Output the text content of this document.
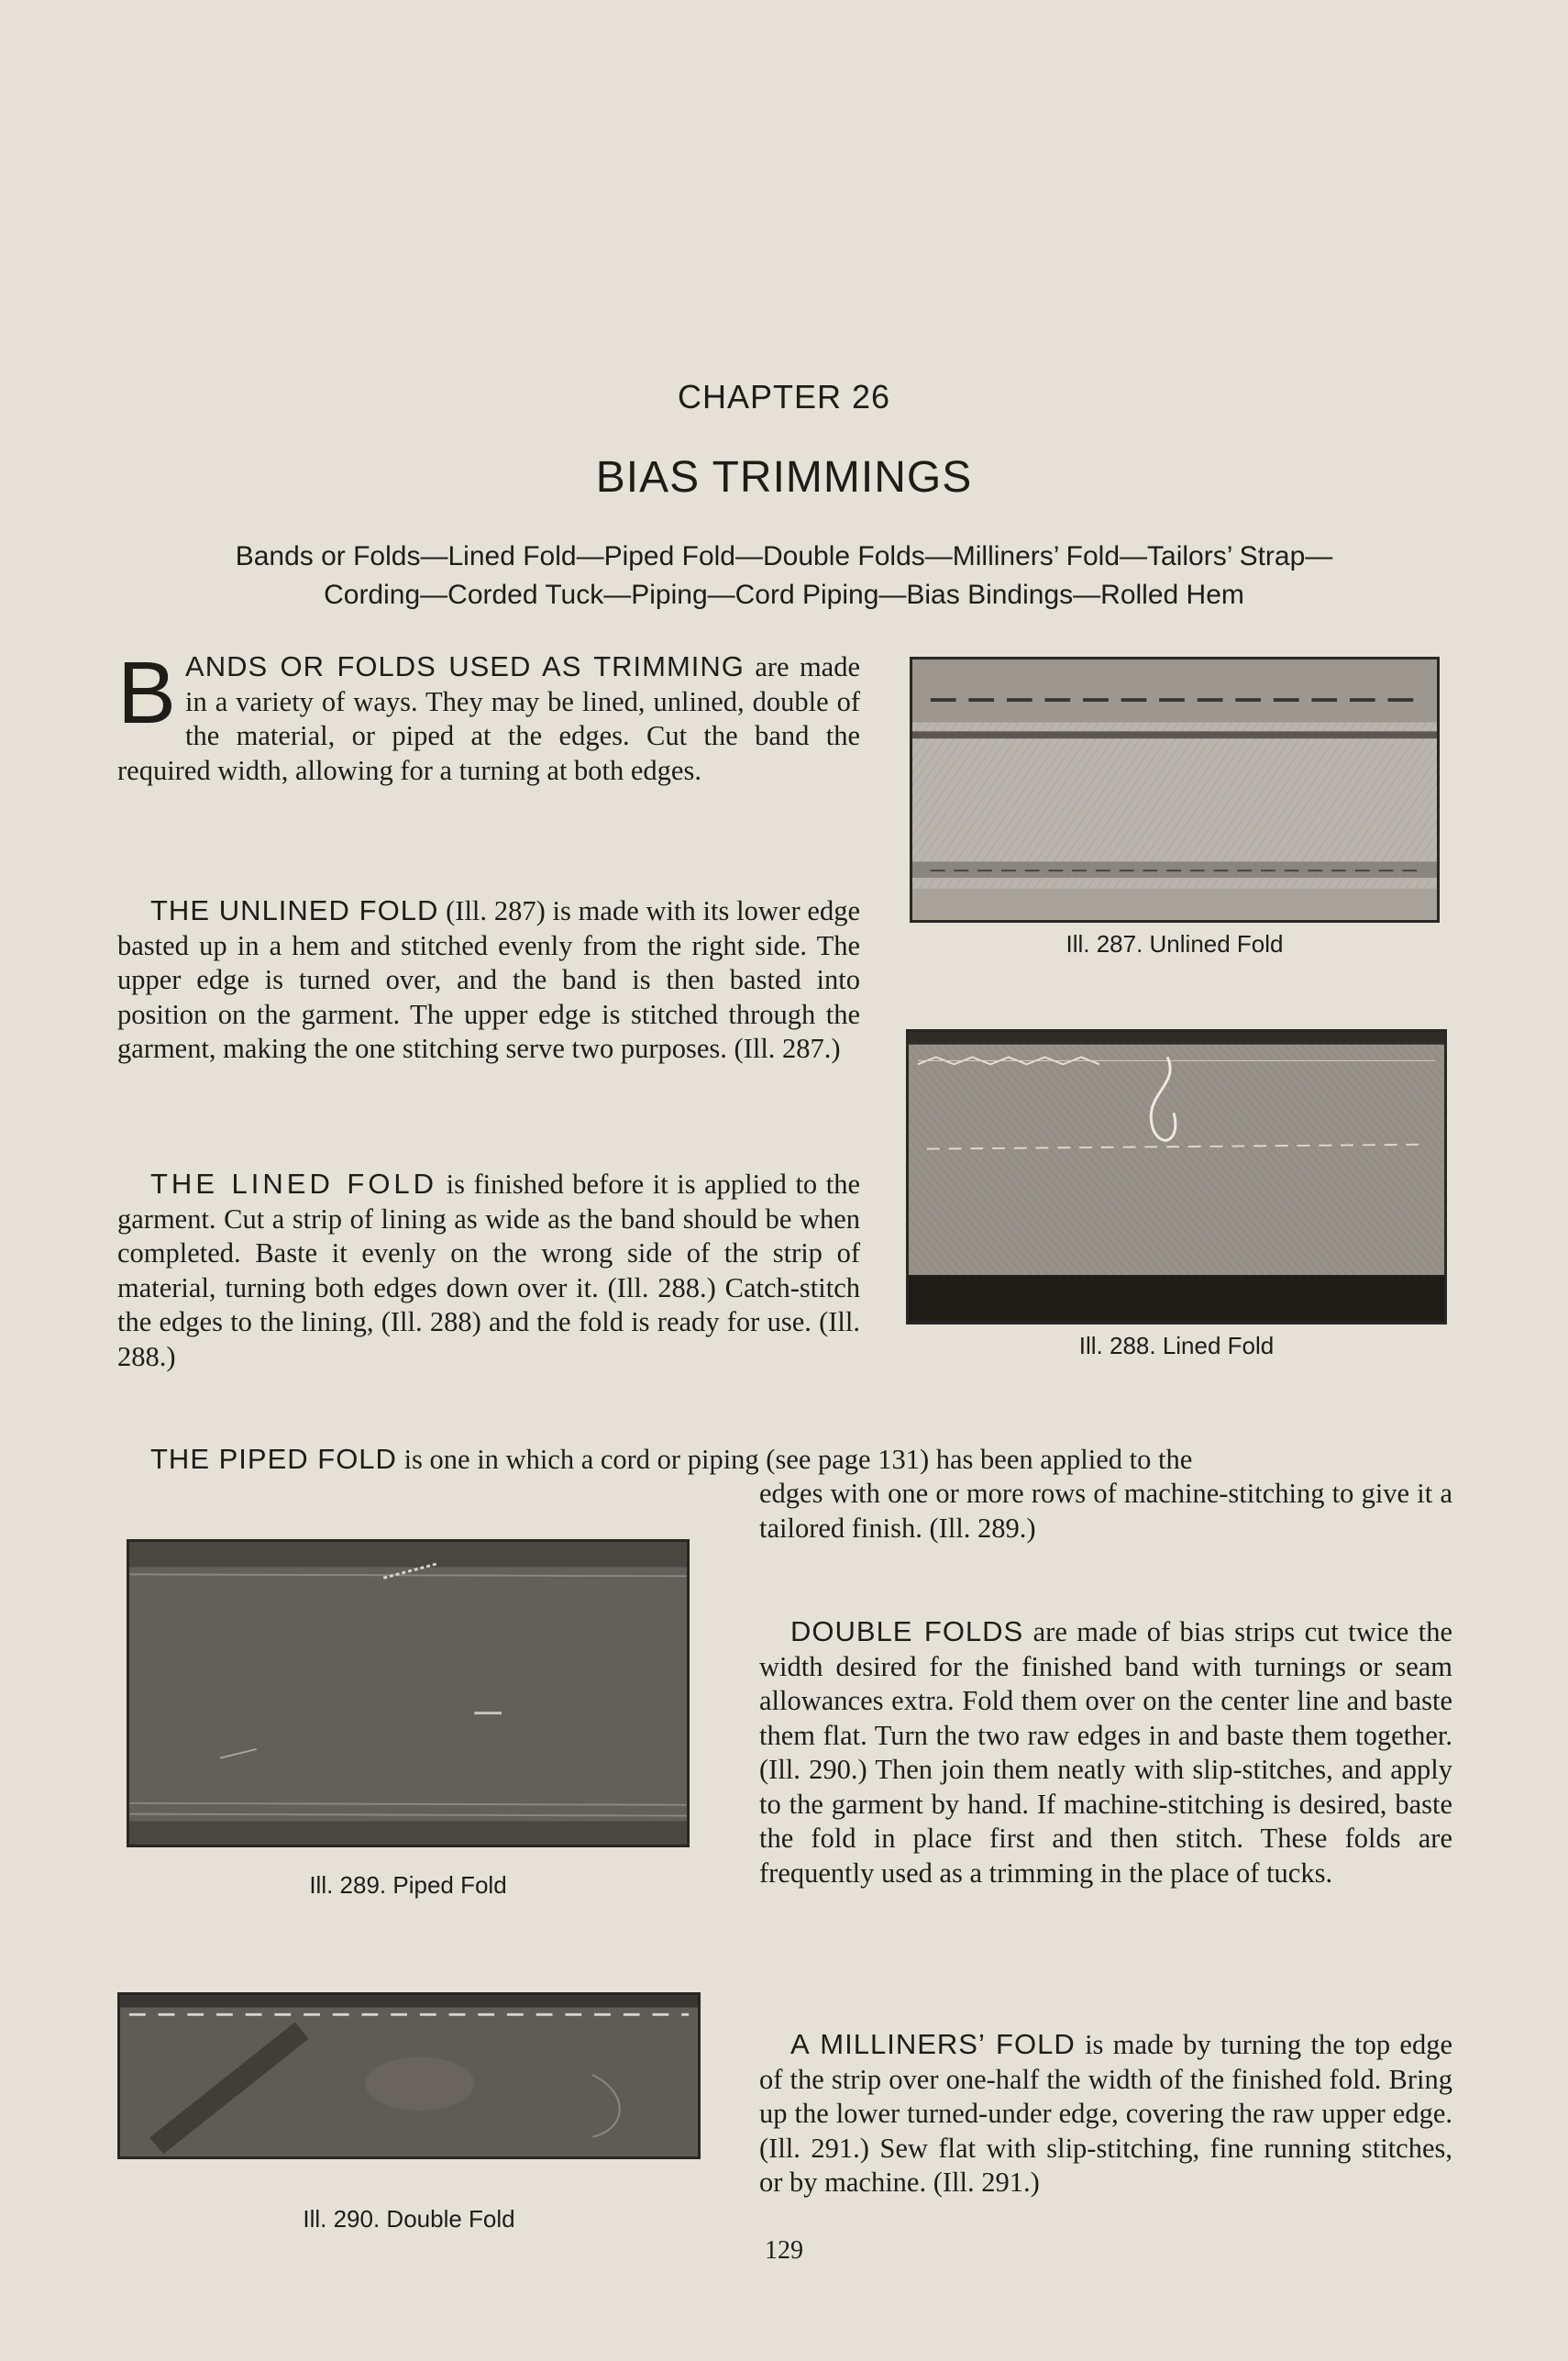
CHAPTER 26
BIAS TRIMMINGS
Bands or Folds—Lined Fold—Piped Fold—Double Folds—Milliners’ Fold—Tailors’ Strap—
Cording—Corded Tuck—Piping—Cord Piping—Bias Bindings—Rolled Hem
BANDS OR FOLDS USED AS TRIMMING are made in a variety of ways. They may be lined, unlined, double of the material, or piped at the edges. Cut the band the required width, allowing for a turning at both edges.
THE UNLINED FOLD (Ill. 287) is made with its lower edge basted up in a hem and stitched evenly from the right side. The upper edge is turned over, and the band is then basted into position on the garment. The upper edge is stitched through the garment, making the one stitching serve two purposes. (Ill. 287.)
THE LINED FOLD is finished before it is applied to the garment. Cut a strip of lining as wide as the band should be when completed. Baste it evenly on the wrong side of the strip of material, turning both edges down over it. (Ill. 288.) Catch-stitch the edges to the lining, (Ill. 288) and the fold is ready for use. (Ill. 288.)
Ill. 287. Unlined Fold
Ill. 288. Lined Fold
THE PIPED FOLD is one in which a cord or piping (see page 131) has been applied to the
edges with one or more rows of machine-stitching to give it a tailored finish. (Ill. 289.)
DOUBLE FOLDS are made of bias strips cut twice the width desired for the finished band with turnings or seam allowances extra. Fold them over on the center line and baste them flat. Turn the two raw edges in and baste them together. (Ill. 290.) Then join them neatly with slip-stitches, and apply to the garment by hand. If machine-stitching is desired, baste the fold in place first and then stitch. These folds are frequently used as a trimming in the place of tucks.
A MILLINERS’ FOLD is made by turning the top edge of the strip over one-half the width of the finished fold. Bring up the lower turned-under edge, covering the raw upper edge. (Ill. 291.) Sew flat with slip-stitching, fine running stitches, or by machine. (Ill. 291.)
Ill. 289. Piped Fold
Ill. 290. Double Fold
129
